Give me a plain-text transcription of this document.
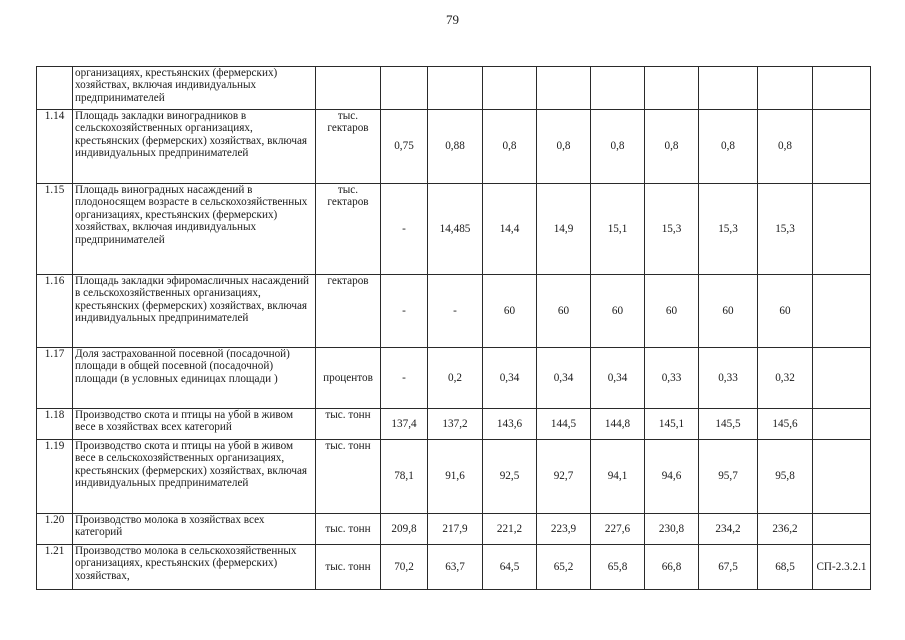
79
	организациях, крестьянских (фермерских) хозяйствах, включая индивидуальных предпринимателей										
1.14	Площадь закладки виноградников в сельскохозяйственных организациях, крестьянских (фермерских) хозяйствах, включая индивидуальных предпринимателей	тыс. гектаров	0,75	0,88	0,8	0,8	0,8	0,8	0,8	0,8	
1.15	Площадь виноградных насаждений в плодоносящем возрасте в сельскохозяйственных организациях, крестьянских (фермерских) хозяйствах, включая индивидуальных предпринимателей	тыс. гектаров	-	14,485	14,4	14,9	15,1	15,3	15,3	15,3	
1.16	Площадь закладки эфиромасличных насаждений в сельскохозяйственных организациях, крестьянских (фермерских) хозяйствах, включая индивидуальных предпринимателей	гектаров	-	-	60	60	60	60	60	60	
1.17	Доля застрахованной посевной (посадочной) площади в общей посевной (посадочной) площади (в условных единицах площади )	процентов	-	0,2	0,34	0,34	0,34	0,33	0,33	0,32	
1.18	Производство скота и птицы на убой в живом весе в хозяйствах всех категорий	тыс. тонн	137,4	137,2	143,6	144,5	144,8	145,1	145,5	145,6	
1.19	Производство скота и птицы на убой в живом весе в сельскохозяйственных организациях, крестьянских (фермерских) хозяйствах, включая индивидуальных предпринимателей	тыс. тонн	78,1	91,6	92,5	92,7	94,1	94,6	95,7	95,8	
1.20	Производство молока в хозяйствах всех категорий	тыс. тонн	209,8	217,9	221,2	223,9	227,6	230,8	234,2	236,2	
1.21	Производство молока в сельскохозяйственных организациях, крестьянских (фермерских) хозяйствах,	тыс. тонн	70,2	63,7	64,5	65,2	65,8	66,8	67,5	68,5	СП-2.3.2.1
